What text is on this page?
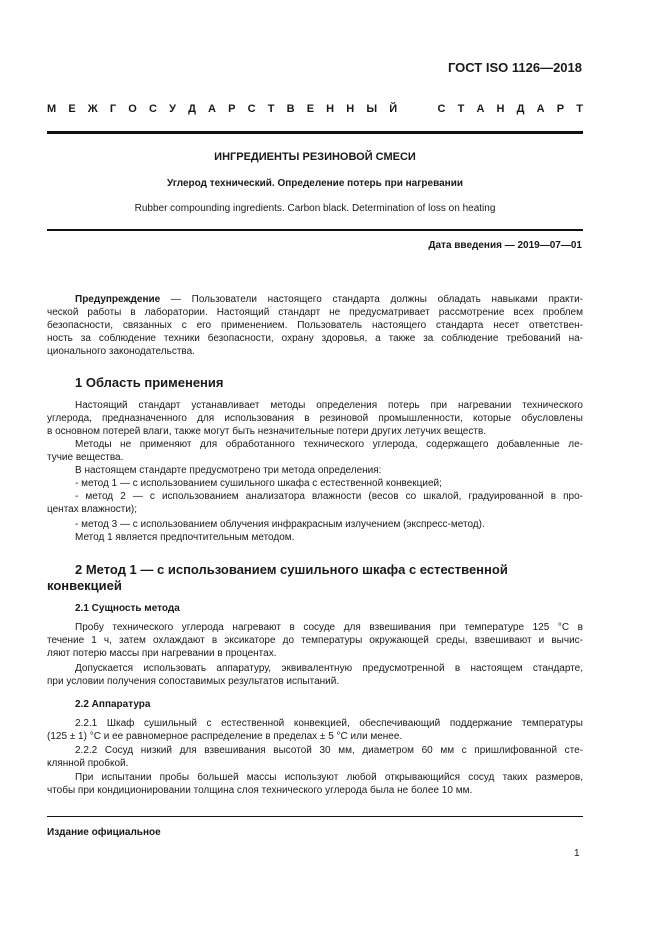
ГОСТ ISO 1126—2018
М Е Ж Г О С У Д А Р С Т В Е Н Н Ы Й	С Т А Н Д А Р Т
ИНГРЕДИЕНТЫ РЕЗИНОВОЙ СМЕСИ
Углерод технический. Определение потерь при нагревании
Rubber compounding ingredients. Carbon black. Determination of loss on heating
Дата введения — 2019—07—01
Предупреждение — Пользователи настоящего стандарта должны обладать навыками практи-
ческой работы в лаборатории. Настоящий стандарт не предусматривает рассмотрение всех проблем
безопасности, связанных с его применением. Пользователь настоящего стандарта несет ответствен-
ность за соблюдение техники безопасности, охрану здоровья, а также за соблюдение требований на-
ционального законодательства.
1 Область применения
Настоящий стандарт устанавливает методы определения потерь при нагревании технического
углерода, предназначенного для использования в резиновой промышленности, которые обусловлены
в основном потерей влаги, также могут быть незначительные потери других летучих веществ.
Методы не применяют для обработанного технического углерода, содержащего добавленные ле-
тучие вещества.
В настоящем стандарте предусмотрено три метода определения:
- метод 1 — с использованием сушильного шкафа с естественной конвекцией;
- метод 2 — с использованием анализатора влажности (весов со шкалой, градуированной в про-
центах влажности);
- метод 3 — с использованием облучения инфракрасным излучением (экспресс-метод).
Метод 1 является предпочтительным методом.
2 Метод 1 — с использованием сушильного шкафа с естественной
конвекцией
2.1 Сущность метода
Пробу технического углерода нагревают в сосуде для взвешивания при температуре 125 °С в
течение 1 ч, затем охлаждают в эксикаторе до температуры окружающей среды, взвешивают и вычис-
ляют потерю массы при нагревании в процентах.
Допускается использовать аппаратуру, эквивалентную предусмотренной в настоящем стандарте,
при условии получения сопоставимых результатов испытаний.
2.2 Аппаратура
2.2.1 Шкаф сушильный с естественной конвекцией, обеспечивающий поддержание температуры
(125 ± 1) °С и ее равномерное распределение в пределах ± 5 °С или менее.
2.2.2 Сосуд низкий для взвешивания высотой 30 мм, диаметром 60 мм с пришлифованной сте-
клянной пробкой.
При испытании пробы большей массы используют любой открывающийся сосуд таких размеров,
чтобы при кондиционировании толщина слоя технического углерода была не более 10 мм.
Издание официальное
1
